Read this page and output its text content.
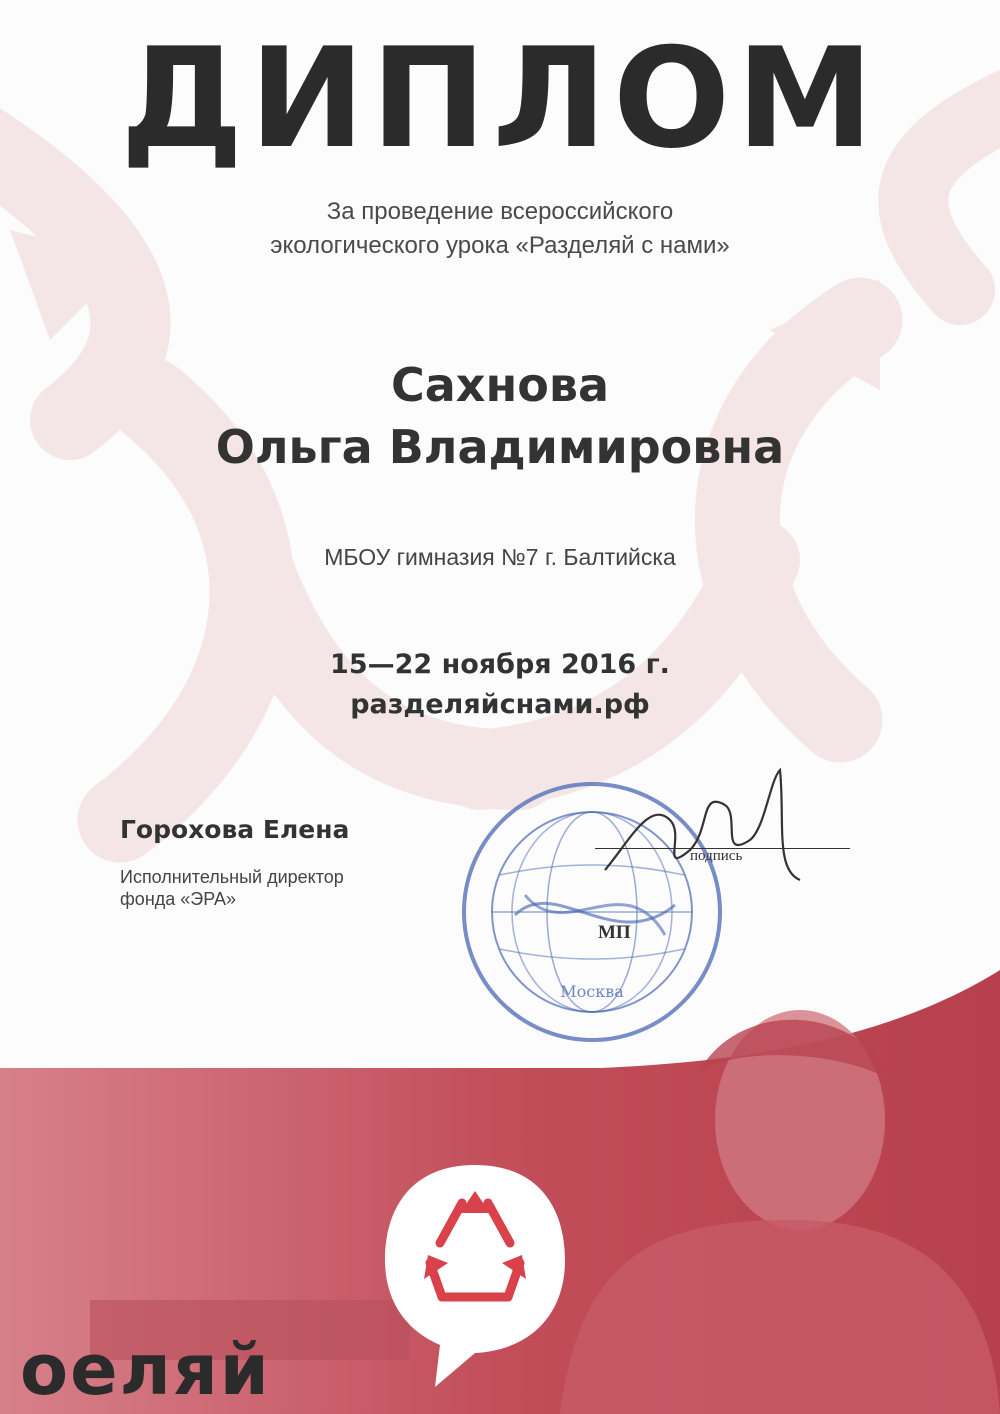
ДИПЛОМ
За проведение всероссийского
экологического урока «Разделяй с нами»
Сахнова
Ольга Владимировна
МБОУ гимназия №7 г. Балтийска
15—22 ноября 2016 г.
разделяйснами.рф
Горохова Елена
Исполнительный директор
фонда «ЭРА»
Москва
МП
подпись
оеляй
